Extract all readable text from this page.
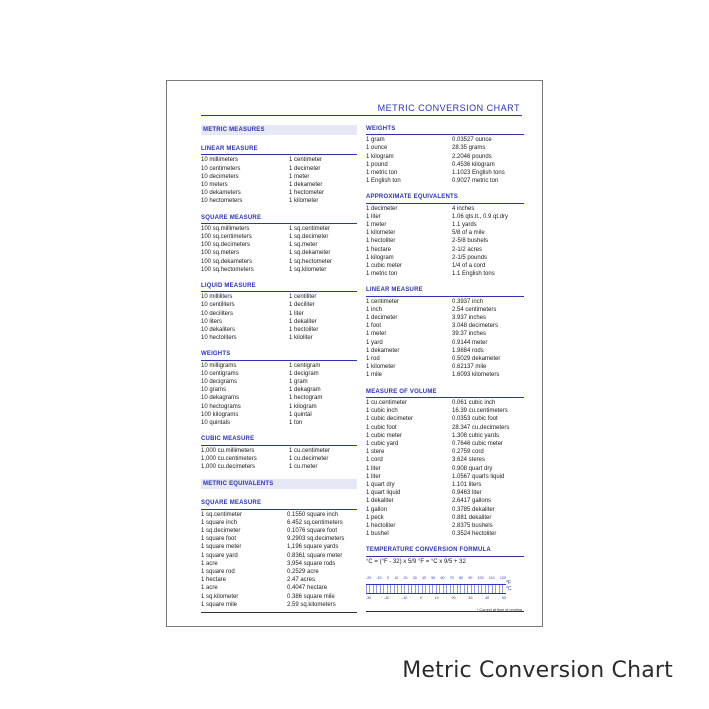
METRIC CONVERSION CHART
METRIC MEASURES
LINEAR MEASURE
10 millimeters	1 centimeter
10 centimeters	1 decimeter
10 decimeters	1 meter
10 meters	1 dekameter
10 dekameters	1 hectometer
10 hectometers	1 kilometer
SQUARE MEASURE
100 sq.millimeters	1 sq.centimeter
100 sq.centimeters	1 sq.decimeter
100 sq.decimeters	1 sq.meter
100 sq.meters	1 sq.dekameter
100 sq.dekameters	1 sq.hectometer
100 sq.hectometers	1 sq.kilometer
LIQUID MEASURE
10 milliliters	1 centiliter
10 centiliters	1 deciliter
10 deciliters	1 liter
10 liters	1 dekaliter
10 dekaliters	1 hectoliter
10 hectoliters	1 kiloliter
WEIGHTS
10 milligrams	1 centigram
10 centigrams	1 decigram
10 decigrams	1 gram
10 grams	1 dekagram
10 dekagrams	1 hectogram
10 hectograms	1 kilogram
100 kilograms	1 quintal
10 quintals	1 ton
CUBIC MEASURE
1,000 cu.millimeters	1 cu.centimeter
1,000 cu.centimeters	1 cu.decimeter
1,000 cu.decimeters	1 cu.meter
METRIC EQUIVALENTS
SQUARE MEASURE
1 sq.centimeter	0.1550 square inch
1 square inch	6.452 sq.centimeters
1 sq.decimeter	0.1076 square foot
1 square foot	9.2903 sq.decimeters
1 square meter	1,196 square yards
1 square yard	0.8361 square meter
1 acre	3,954 square rods
1 square rod	0.2529 acre
1 hectare	2.47 acres
1 acre	0.4047 hectare
1 sq.kilometer	0.386 square mile
1 square mile	2.59 sq.kilometers
WEIGHTS
1 gram	0.03527 ounce
1 ounce	28.35 grams
1 kilogram	2.2046 pounds
1 pound	0.4536 kilogram
1 metric ton	1.1023 English tons
1 English ton	0.9027 metric ton
APPROXIMATE EQUIVALENTS
1 decimeter	4 inches
1 liter	1.06 qts.lt., 0.9 qt.dry
1 meter	1.1 yards
1 kilometer	5/8 of a mile
1 hectoliter	2-5/8 bushels
1 hectare	2-1/2 acres
1 kilogram	2-1/5 pounds
1 cubic meter	1/4 of a cord
1 metric ton	1.1 English tons
LINEAR MEASURE
1 centimeter	0.3937 inch
1 inch	2.54 centimeters
1 decimeter	3.937 inches
1 foot	3.048 decimeters
1 meter	39.37 inches
1 yard	0.9144 meter
1 dekameter	1.9884 rods
1 rod	0.5029 dekameter
1 kilometer	0.62137 mile
1 mile	1.6093 kilometers
MEASURE OF VOLUME
1 cu.centimeter	0.061 cubic inch
1 cubic inch	16.39 cu.centimeters
1 cubic decimeter	0.0353 cubic foot
1 cubic foot	28.347 cu.decimeters
1 cubic meter	1.308 cubic yards
1 cubic yard	0.7646 cubic meter
1 stere	0.2759 cord
1 cord	3.624 steres
1 liter	0.908 quart dry
1 liter	1.0567 quarts liquid
1 quart dry	1.101 liters
1 quart liquid	0.9463 liter
1 dekaliter	2.6417 gallons
1 gallon	0.3785 dekaliter
1 peck	0.881 dekaliter
1 hectoliter	2.8375 bushels
1 bushel	0.3524 hectoliter
TEMPERATURE CONVERSION FORMULA
°C = (°F - 32) x 5/9 °F = °C x 9/5 + 32
-20 -10 0 10 20 30 40 50 60 70 80 90 100 110 120
°F
°C
-30	-20	-10	0	10	20	30	40	50
* Correct at time of printing
Metric Conversion Chart
